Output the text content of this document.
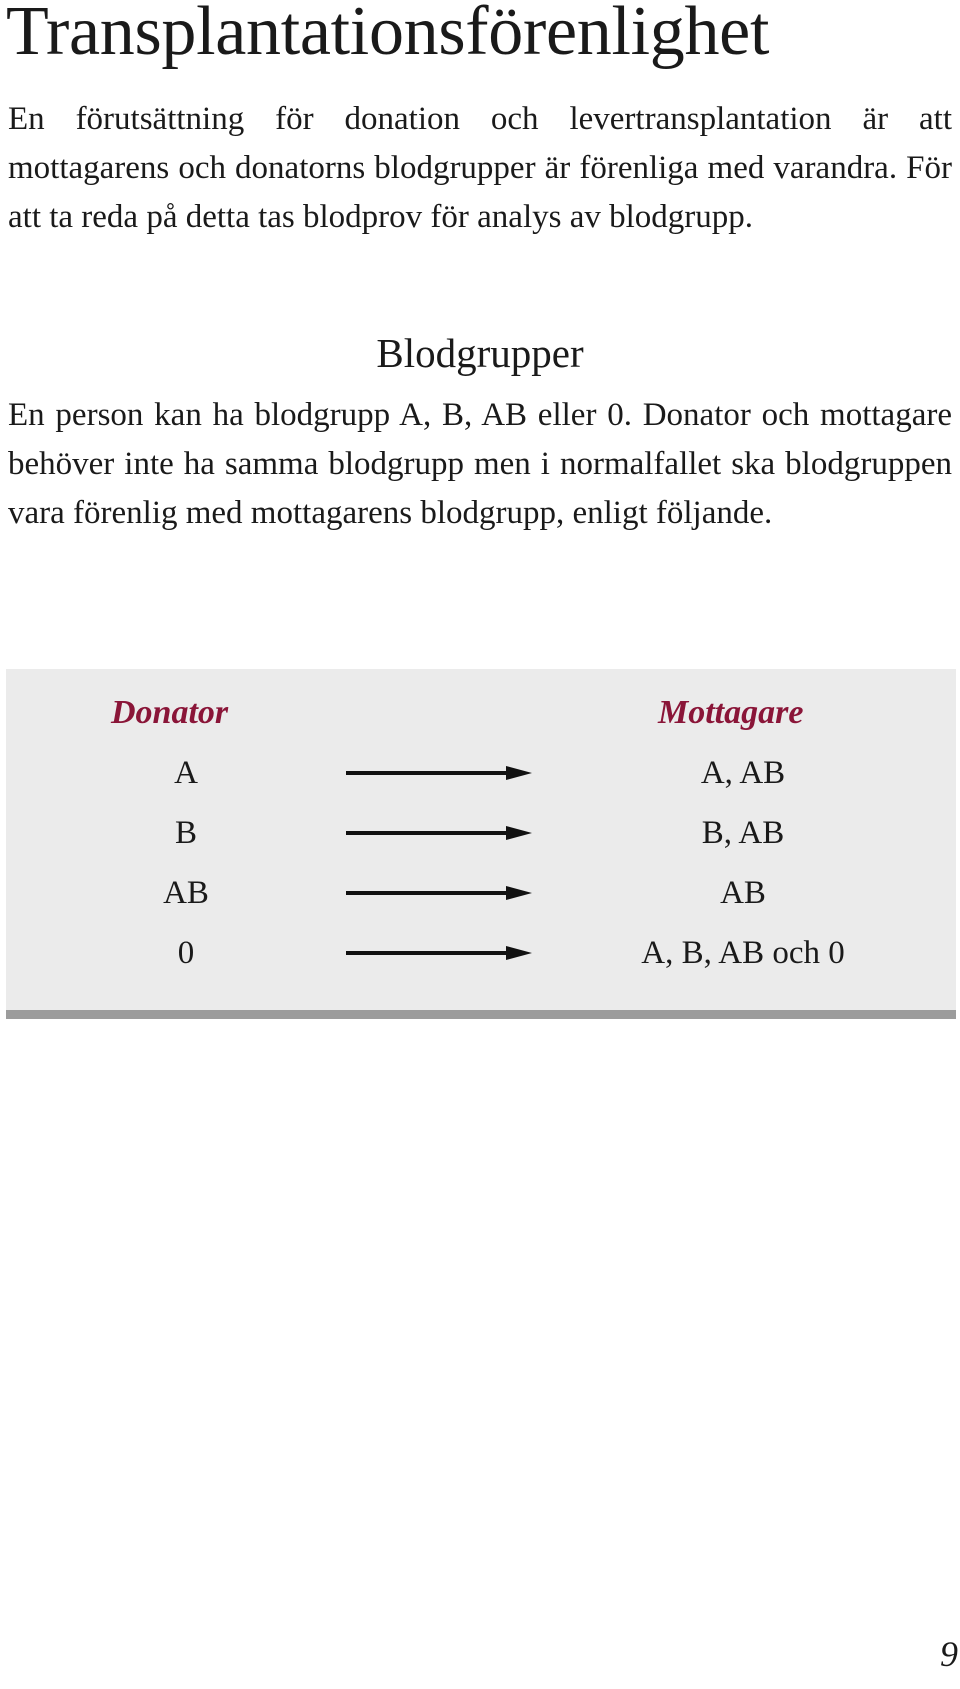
Transplantationsförenlighet

En förutsättning för donation och levertransplantation är att mottagarens och donatorns blodgrupper är förenliga med varandra. För att ta reda på detta tas blodprov för analys av blodgrupp.

Blodgrupper

En person kan ha blodgrupp A, B, AB eller 0. Donator och mottagare behöver inte ha samma blodgrupp men i normalfallet ska blodgruppen vara förenlig med mottagarens blodgrupp, enligt följande.

Donator	Mottagare
A	A, AB
B	B, AB
AB	AB
0	A, B, AB och 0
9
